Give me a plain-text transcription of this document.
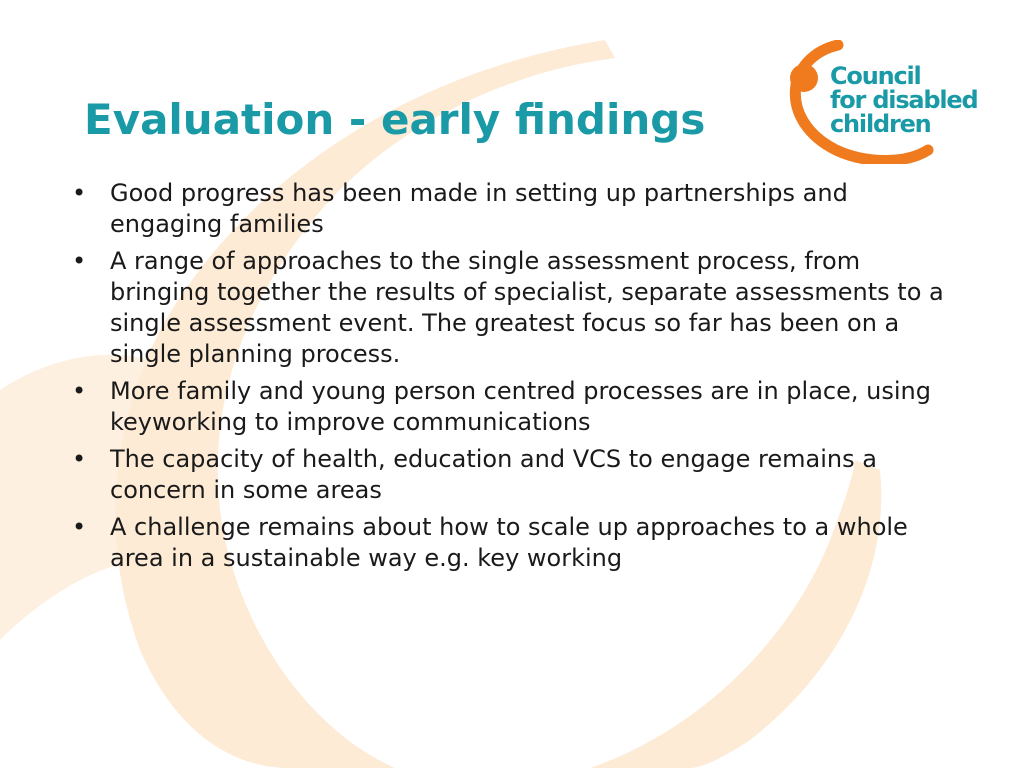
Evaluation - early findings
Council
for disabled
children
• Good progress has been made in setting up partnerships and engaging families
• A range of approaches to the single assessment process, from bringing together the results of specialist, separate assessments to a single assessment event. The greatest focus so far has been on a single planning process.
• More family and young person centred processes are in place, using keyworking to improve communications
• The capacity of health, education and VCS to engage remains a concern in some areas
• A challenge remains about how to scale up approaches to a whole area in a sustainable way e.g. key working
